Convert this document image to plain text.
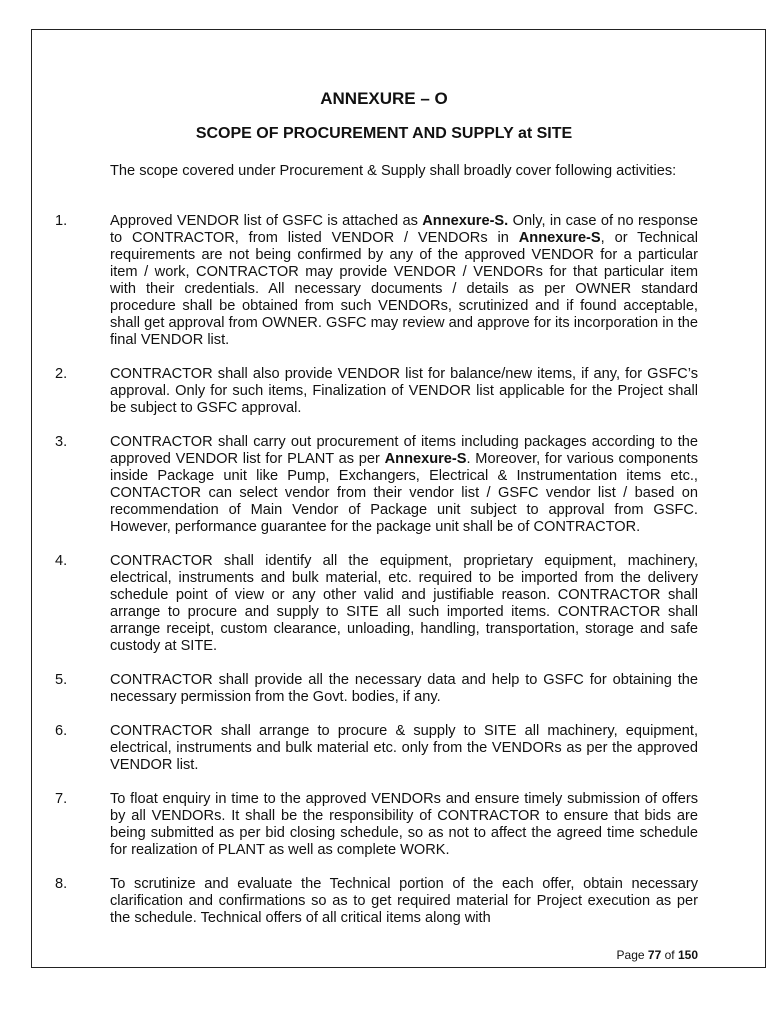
ANNEXURE – O
SCOPE OF PROCUREMENT AND SUPPLY at SITE
The scope covered under Procurement & Supply shall broadly cover following activities:
1.	Approved VENDOR list of GSFC is attached as Annexure-S. Only, in case of no response to CONTRACTOR, from listed VENDOR / VENDORs in Annexure-S, or Technical requirements are not being confirmed by any of the approved VENDOR for a particular item / work, CONTRACTOR may provide VENDOR / VENDORs for that particular item with their credentials. All necessary documents / details as per OWNER standard procedure shall be obtained from such VENDORs, scrutinized and if found acceptable, shall get approval from OWNER. GSFC may review and approve for its incorporation in the final VENDOR list.
2.	CONTRACTOR shall also provide VENDOR list for balance/new items, if any, for GSFC’s approval. Only for such items, Finalization of VENDOR list applicable for the Project shall be subject to GSFC approval.
3.	CONTRACTOR shall carry out procurement of items including packages according to the approved VENDOR list for PLANT as per Annexure-S. Moreover, for various components inside Package unit like Pump, Exchangers, Electrical & Instrumentation items etc., CONTACTOR can select vendor from their vendor list / GSFC vendor list / based on recommendation of Main Vendor of Package unit subject to approval from GSFC. However, performance guarantee for the package unit shall be of CONTRACTOR.
4.	CONTRACTOR shall identify all the equipment, proprietary equipment, machinery, electrical, instruments and bulk material, etc. required to be imported from the delivery schedule point of view or any other valid and justifiable reason. CONTRACTOR shall arrange to procure and supply to SITE all such imported items. CONTRACTOR shall arrange receipt, custom clearance, unloading, handling, transportation, storage and safe custody at SITE.
5.	CONTRACTOR shall provide all the necessary data and help to GSFC for obtaining the necessary permission from the Govt. bodies, if any.
6.	CONTRACTOR shall arrange to procure & supply to SITE all machinery, equipment, electrical, instruments and bulk material etc. only from the VENDORs as per the approved VENDOR list.
7.	To float enquiry in time to the approved VENDORs and ensure timely submission of offers by all VENDORs. It shall be the responsibility of CONTRACTOR to ensure that bids are being submitted as per bid closing schedule, so as not to affect the agreed time schedule for realization of PLANT as well as complete WORK.
8.	To scrutinize and evaluate the Technical portion of the each offer, obtain necessary clarification and confirmations so as to get required material for Project execution as per the schedule. Technical offers of all critical items along with
Page 77 of 150
